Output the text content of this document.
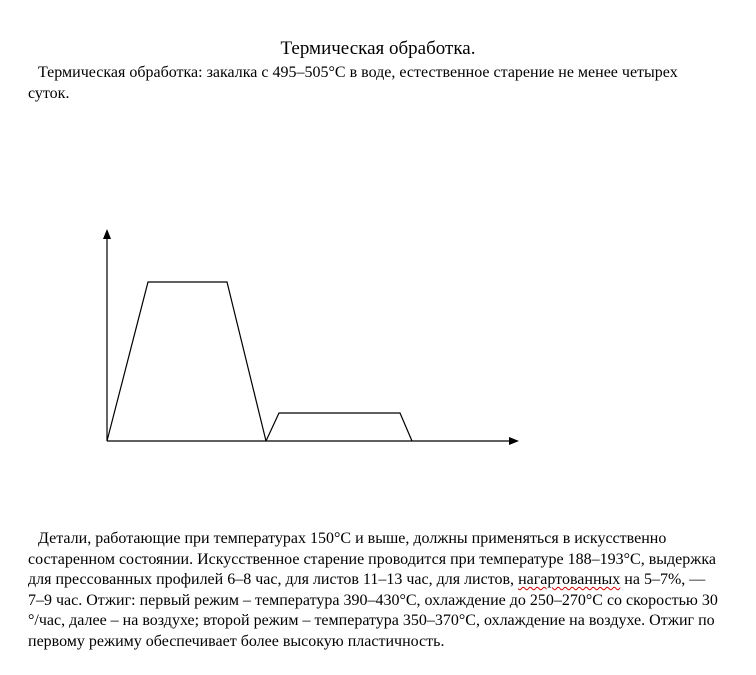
Термическая обработка.
Термическая обработка: закалка с 495–505°С в воде, естественное старение не менее четырех суток.
Детали, работающие при температурах 150°С и выше, должны применяться в искусственно состаренном состоянии. Искусственное старение проводится при температуре 188–193°С, выдержка для прессованных профилей 6–8 час, для листов 11–13 час, для листов, нагартованных на 5–7%, — 7–9 час. Отжиг: первый режим – температура 390–430°С, охлаждение до 250–270°С со скоростью 30 °/час, далее – на воздухе; второй режим – температура 350–370°С, охлаждение на воздухе. Отжиг по первому режиму обеспечивает более высокую пластичность.
